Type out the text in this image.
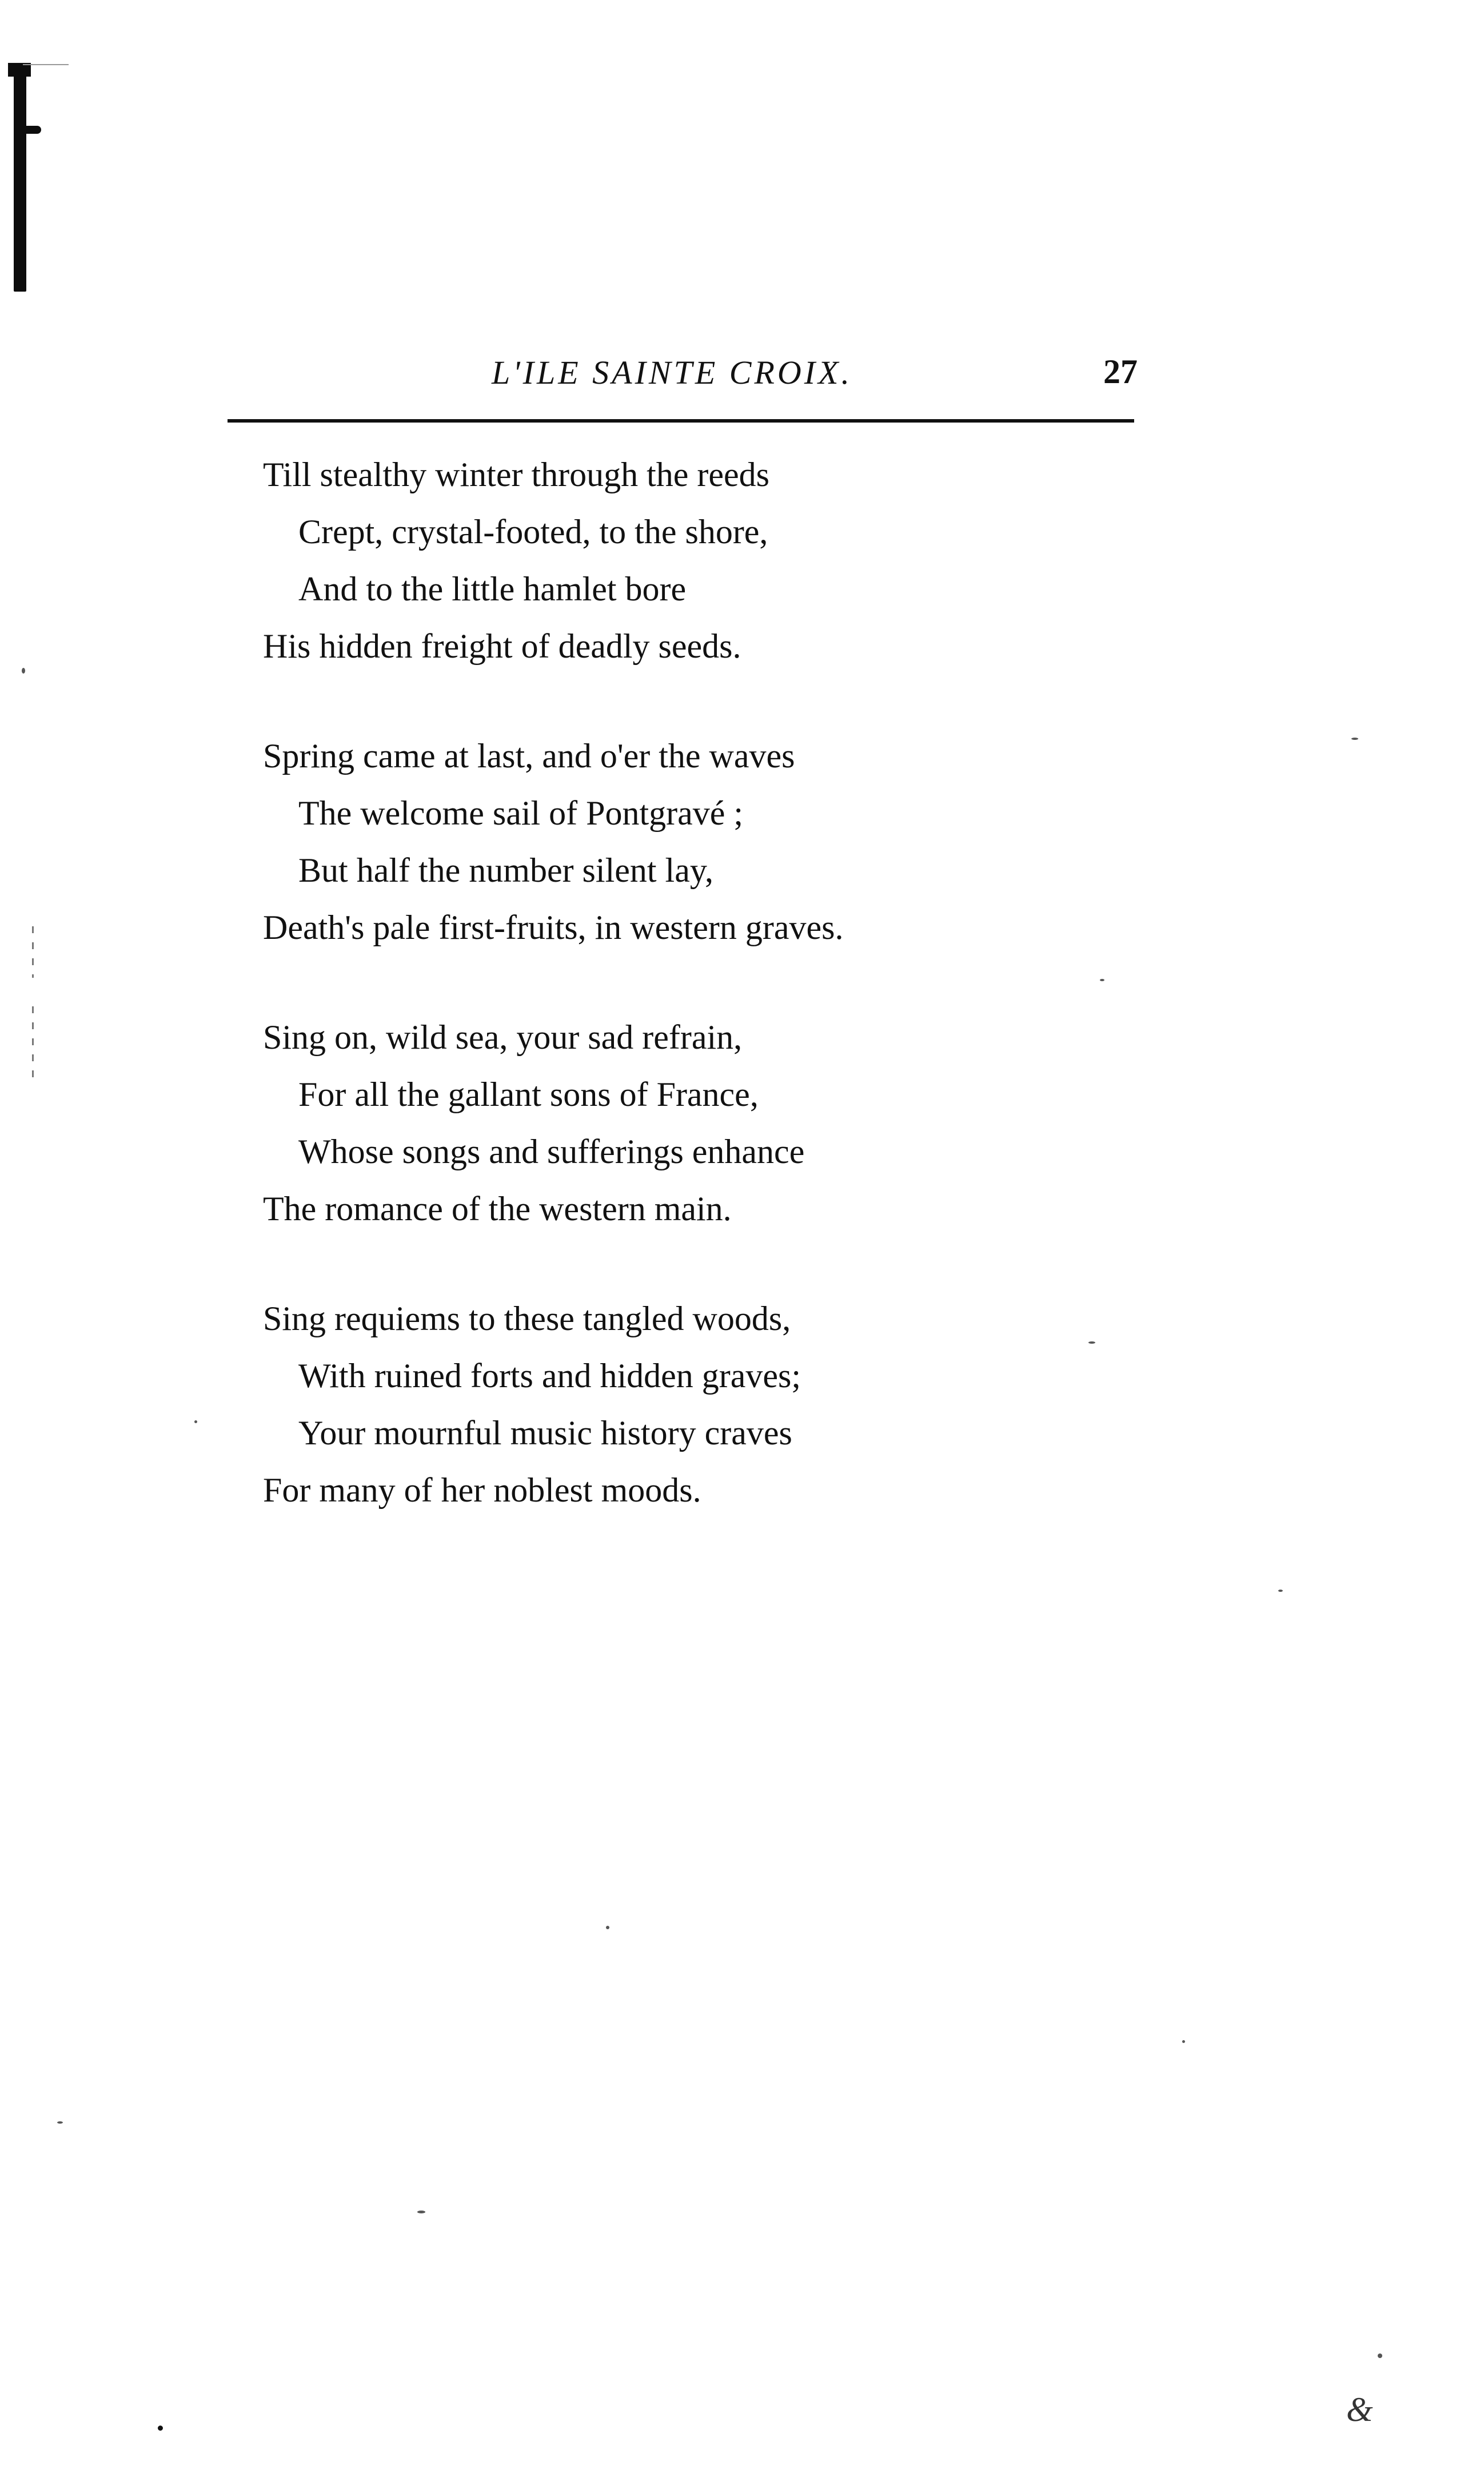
L'ILE SAINTE CROIX.	27

Till stealthy winter through the reeds
Crept, crystal-footed, to the shore,
And to the little hamlet bore
His hidden freight of deadly seeds.

Spring came at last, and o'er the waves
The welcome sail of Pontgravé ;
But half the number silent lay,
Death's pale first-fruits, in western graves.

Sing on, wild sea, your sad refrain,
For all the gallant sons of France,
Whose songs and sufferings enhance
The romance of the western main.

Sing requiems to these tangled woods,
With ruined forts and hidden graves;
Your mournful music history craves
For many of her noblest moods.

&
